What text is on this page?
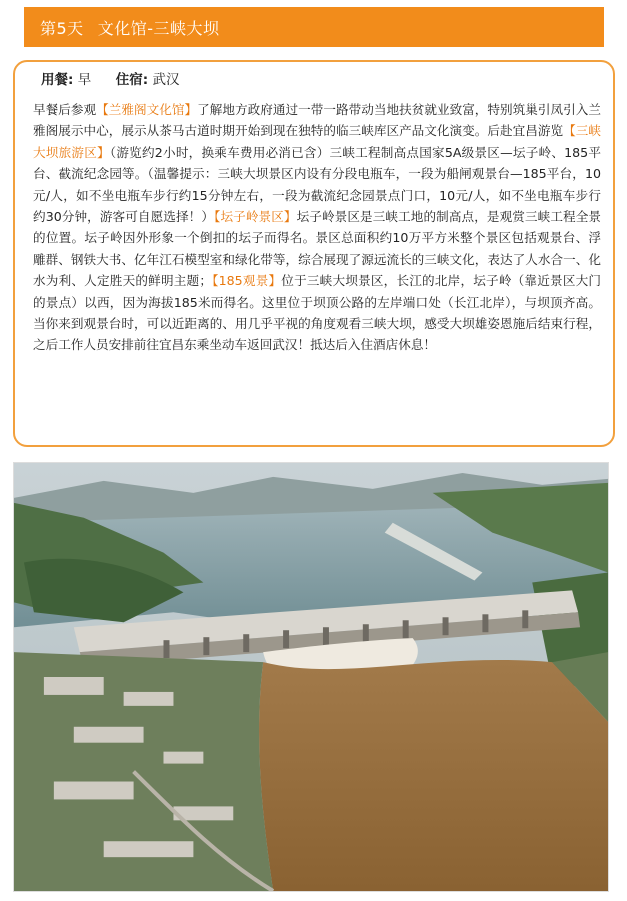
第5天 文化馆-三峡大坝
用餐: 早 住宿: 武汉

早餐后参观【兰雅阁文化馆】了解地方政府通过一带一路带动当地扶贫就业致富，特别筑巢引凤引入兰雅阁展示中心，展示从茶马古道时期开始到现在独特的临三峡库区产品文化演变。后赴宜昌游览【三峡大坝旅游区】（游览约2小时，换乘车费用必消已含）三峡工程制高点国家5A级景区—坛子岭、185平台、截流纪念园等。（温馨提示：三峡大坝景区内设有分段电瓶车，一段为船闸观景台—185平台，10元/人，如不坐电瓶车步行约15分钟左右，一段为截流纪念园景点门口，10元/人，如不坐电瓶车步行约30分钟，游客可自愿选择！）【坛子岭景区】坛子岭景区是三峡工地的制高点，是观赏三峡工程全景的位置。坛子岭因外形象一个倒扣的坛子而得名。景区总面积约10万平方米整个景区包括观景台、浮雕群、钢铁大书、亿年江石模型室和绿化带等，综合展现了源远流长的三峡文化，表达了人水合一、化水为利、人定胜天的鲜明主题；【185观景】位于三峡大坝景区，长江的北岸，坛子岭（靠近景区大门的景点）以西，因为海拔185米而得名。这里位于坝顶公路的左岸端口处（长江北岸），与坝顶齐高。当你来到观景台时，可以近距离的、用几乎平视的角度观看三峡大坝，感受大坝雄姿恩施后结束行程，之后工作人员安排前往宜昌东乘坐动车返回武汉！抵达后入住酒店休息！
